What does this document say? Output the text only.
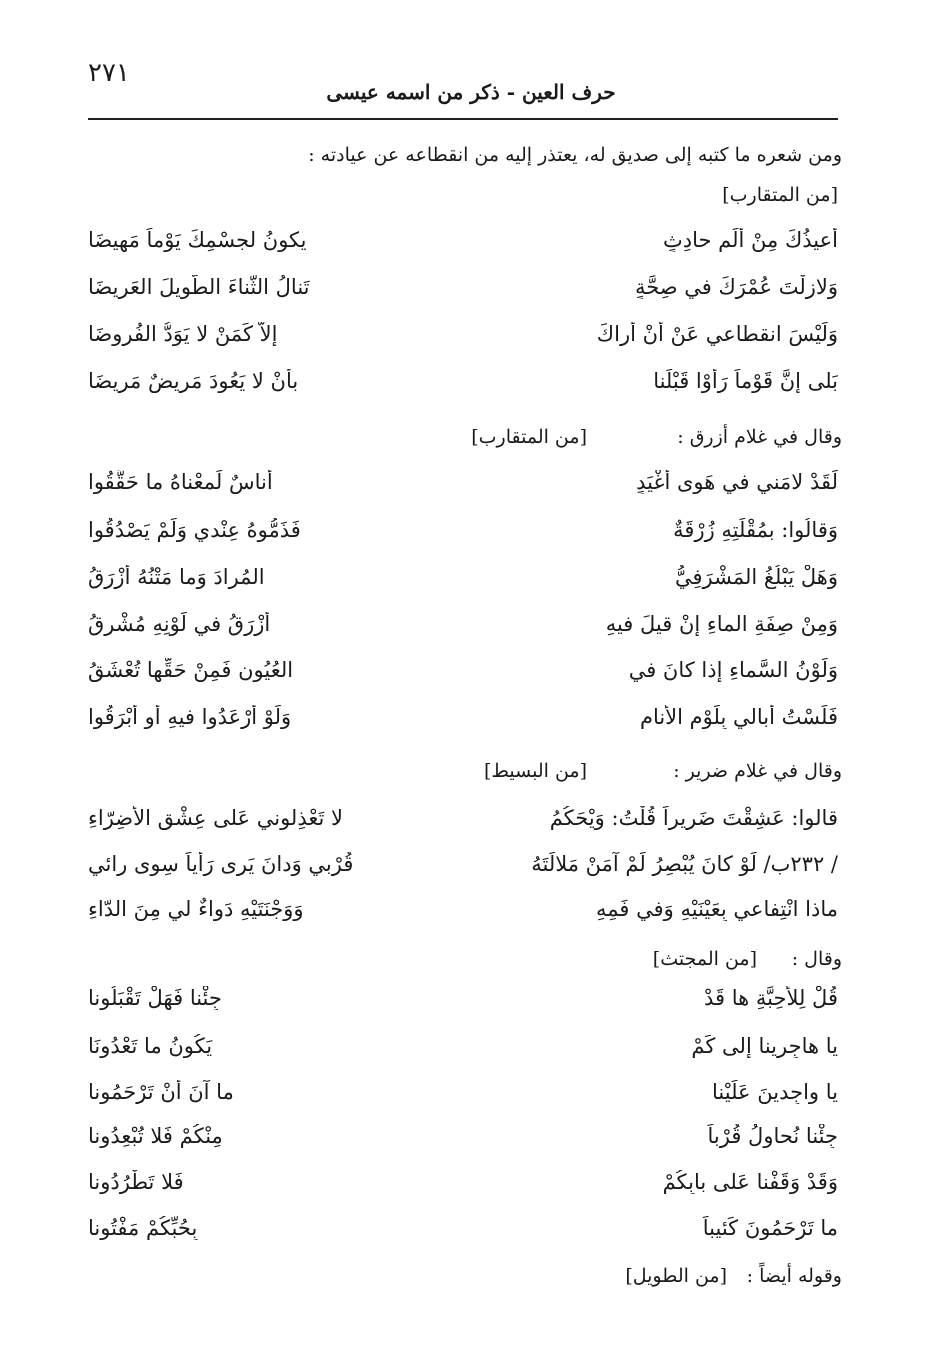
٢٧١
حرف العين - ذكر من اسمه عيسى
ومن شعره ما كتبه إلى صديق له، يعتذر إليه من انقطاعه عن عيادته :
[من المتقارب]
أُعيذُكَ مِنْ أَلَمٍ حادِثٍ
يكونُ لجسْمِكَ يَوْماً مَهيضَا
وَلازلْتَ عُمْرَكَ في صِحَّةٍ
تَنالُ الثَّناءَ الطَّويلَ العَريضَا
وَلَيْسَ انقطاعي عَنْ أنْ أراكَ
إلاَّ كَمَنْ لا يَوَدُّ الفُروضَا
بَلى إنَّ قَوْماً رَأَوْا قَبْلَنا
بأنْ لا يَعُودَ مَرِيضٌ مَريضَا
وقال في غلام أزرق :
[من المتقارب]
لَقَدْ لامَني في هَوى أغْيَدٍ
أُناسٌ لَمعْناهُ ما حَقَّقُوا
وَقالُوا: بمُقْلَتِهِ زُرْقَةٌ
فَذَمُّوهُ عِنْدي وَلَمْ يَصْدُقُوا
وَهَلْ يَبْلُغُ المَشْرَفِيُّ
المُرادَ وَما مَتْنُهُ أزْرَقُ
وَمِنْ صِفَةِ الماءِ إنْ قيلَ فيهِ
أزْرَقُ في لَوْنِهِ مُشْرِقُ
وَلَوْنُ السَّماءِ إذا كانَ في
العُيُونِ فَمِنْ حَقِّها تُعْشَقُ
فَلَسْتُ أُبالي بِلَوْمِ الأَنامِ
وَلَوْ أَرْعَدُوا فيهِ أو أَبْرَقُوا
وقال في غلام ضرير :
[من البسيط]
قالوا: عَشِقْتَ ضَريراً قُلْتُ: وَيْحَكُمُ
لا تَعْذِلوني عَلى عِشْقِ الأَضِرّاءِ
/ ٢٣٢ب/ لَوْ كانَ يُبْصِرُ لَمْ آمَنْ مَلالَتَهُ
قُرْبي وَدانَ يَرى رَأْياً سِوى رائي
ماذا انْتِفاعي بِعَيْنَيْهِ وَفي فَمِهِ
وَوَجْنَتَيْهِ دَواءٌ لي مِنَ الدّاءِ
وقال :
[من المجتث]
قُلْ لِلأَحِبَّةِ ها قَدْ
جِئْنا فَهَلْ تَقْبَلُونا
يا هاجِرينا إلى كَمْ
يَكُونُ ما تَعْدُونَا
يا واجِدينَ عَلَيْنا
ما آنَ أنْ تَرْحَمُونا
جِئْنا نُحاوِلُ قُرْباً
مِنْكُمْ فَلا تُبْعِدُونا
وَقَدْ وَقَفْنا عَلى بابِكُمْ
فَلا تَطْرُدُونا
ما تَرْحَمُونَ كَئيباً
بِحُبِّكُمْ مَفْتُونا
وقوله أيضاً :
[من الطويل]
